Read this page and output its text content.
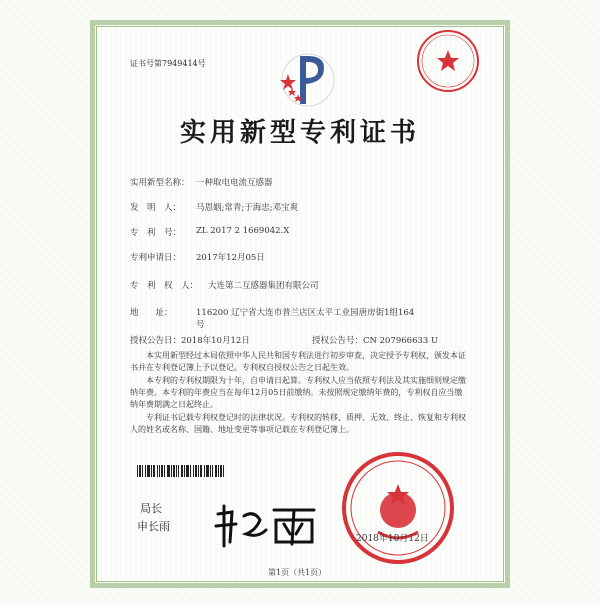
证书号第7949414号
实用新型专利证书
实用新型名称： 一种取电电流互感器
发　明　人： 马恩姻;常青;于海忠;邓宝爽
专　利　号： ZL 2017 2 1669042.X
专利申请日： 2017年12月05日
专　利　权　人： 大连第二互感器集团有限公司
地　　址：	116200 辽宁省大连市普兰店区太平工业园唐房街1组164
号
授权公告日：2018年10月12日	授权公告号：CN 207966633 U
本实用新型经过本局依照中华人民共和国专利法进行初步审查，决定授予专利权，颁发本证书并在专利登记簿上予以登记。专利权自授权公告之日起生效。
本专利的专利权期限为十年，自申请日起算。专利权人应当依照专利法及其实施细则规定缴纳年费。本专利的年费应当在每年12月05日前缴纳。未按照规定缴纳年费的，专利权自应当缴纳年费期满之日起终止。
专利证书记载专利权登记时的法律状况。专利权的转移、质押、无效、终止、恢复和专利权人的姓名或名称、国籍、地址变更等事项记载在专利登记簿上。
局长
申长雨
2018年10月12日
第1页（共1页）
